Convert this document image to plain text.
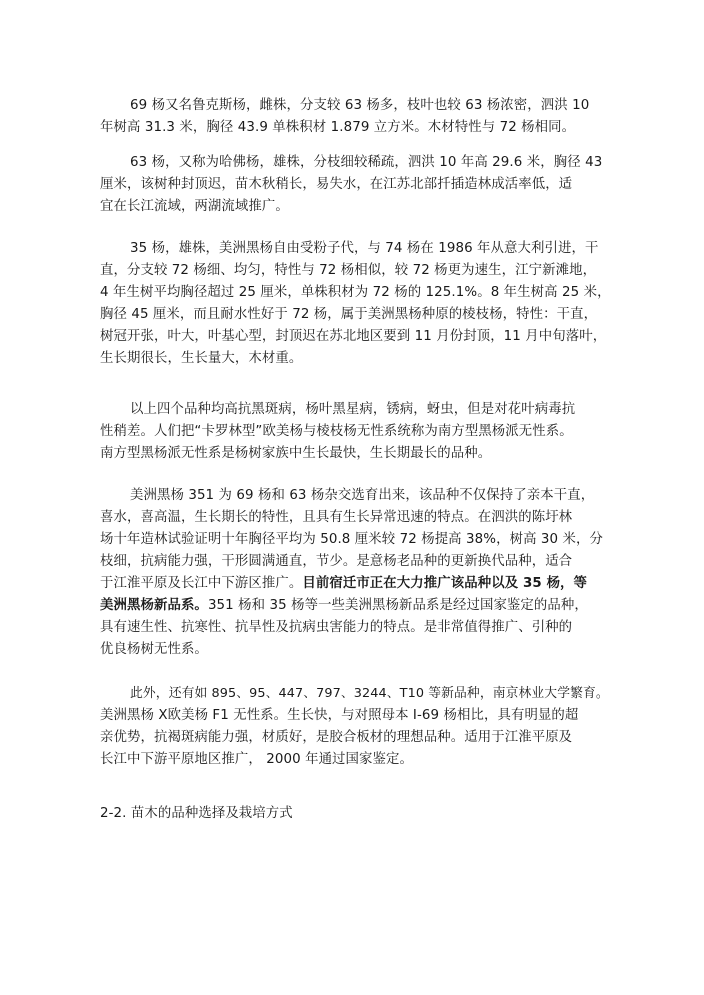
69 杨又名鲁克斯杨，雌株，分支较 63 杨多，枝叶也较 63 杨浓密，泗洪 10
年树高 31.3 米，胸径 43.9 单株积材 1.879 立方米。木材特性与 72 杨相同。
63 杨，又称为哈佛杨，雄株，分枝细较稀疏，泗洪 10 年高 29.6 米，胸径 43
厘米，该树种封顶迟，苗木秋稍长，易失水，在江苏北部扦插造林成活率低，适
宜在长江流域，两湖流域推广。
35 杨，雄株，美洲黑杨自由受粉子代，与 74 杨在 1986 年从意大利引进，干
直，分支较 72 杨细、均匀，特性与 72 杨相似，较 72 杨更为速生，江宁新滩地，
4 年生树平均胸径超过 25 厘米，单株积材为 72 杨的 125.1%。8 年生树高 25 米，
胸径 45 厘米，而且耐水性好于 72 杨，属于美洲黑杨种原的棱枝杨，特性：干直，
树冠开张，叶大，叶基心型，封顶迟在苏北地区要到 11 月份封顶，11 月中旬落叶，
生长期很长，生长量大，木材重。
以上四个品种均高抗黑斑病，杨叶黑星病，锈病，蚜虫，但是对花叶病毒抗
性稍差。人们把“卡罗林型”欧美杨与棱枝杨无性系统称为南方型黑杨派无性系。
南方型黑杨派无性系是杨树家族中生长最快，生长期最长的品种。
美洲黑杨 351 为 69 杨和 63 杨杂交选育出来，该品种不仅保持了亲本干直，
喜水，喜高温，生长期长的特性，且具有生长异常迅速的特点。在泗洪的陈圩林
场十年造林试验证明十年胸径平均为 50.8 厘米较 72 杨提高 38%，树高 30 米，分
枝细，抗病能力强，干形圆满通直，节少。是意杨老品种的更新换代品种，适合
于江淮平原及长江中下游区推广。目前宿迁市正在大力推广该品种以及 35 杨，等
美洲黑杨新品系。351 杨和 35 杨等一些美洲黑杨新品系是经过国家鉴定的品种，
具有速生性、抗寒性、抗旱性及抗病虫害能力的特点。是非常值得推广、引种的
优良杨树无性系。
此外，还有如 895、95、447、797、3244、T10 等新品种，南京林业大学繁育。
美洲黑杨 X欧美杨 F1 无性系。生长快，与对照母本 I-69 杨相比，具有明显的超
亲优势，抗褐斑病能力强，材质好，是胶合板材的理想品种。适用于江淮平原及
长江中下游平原地区推广， 2000 年通过国家鉴定。
2-2. 苗木的品种选择及栽培方式
